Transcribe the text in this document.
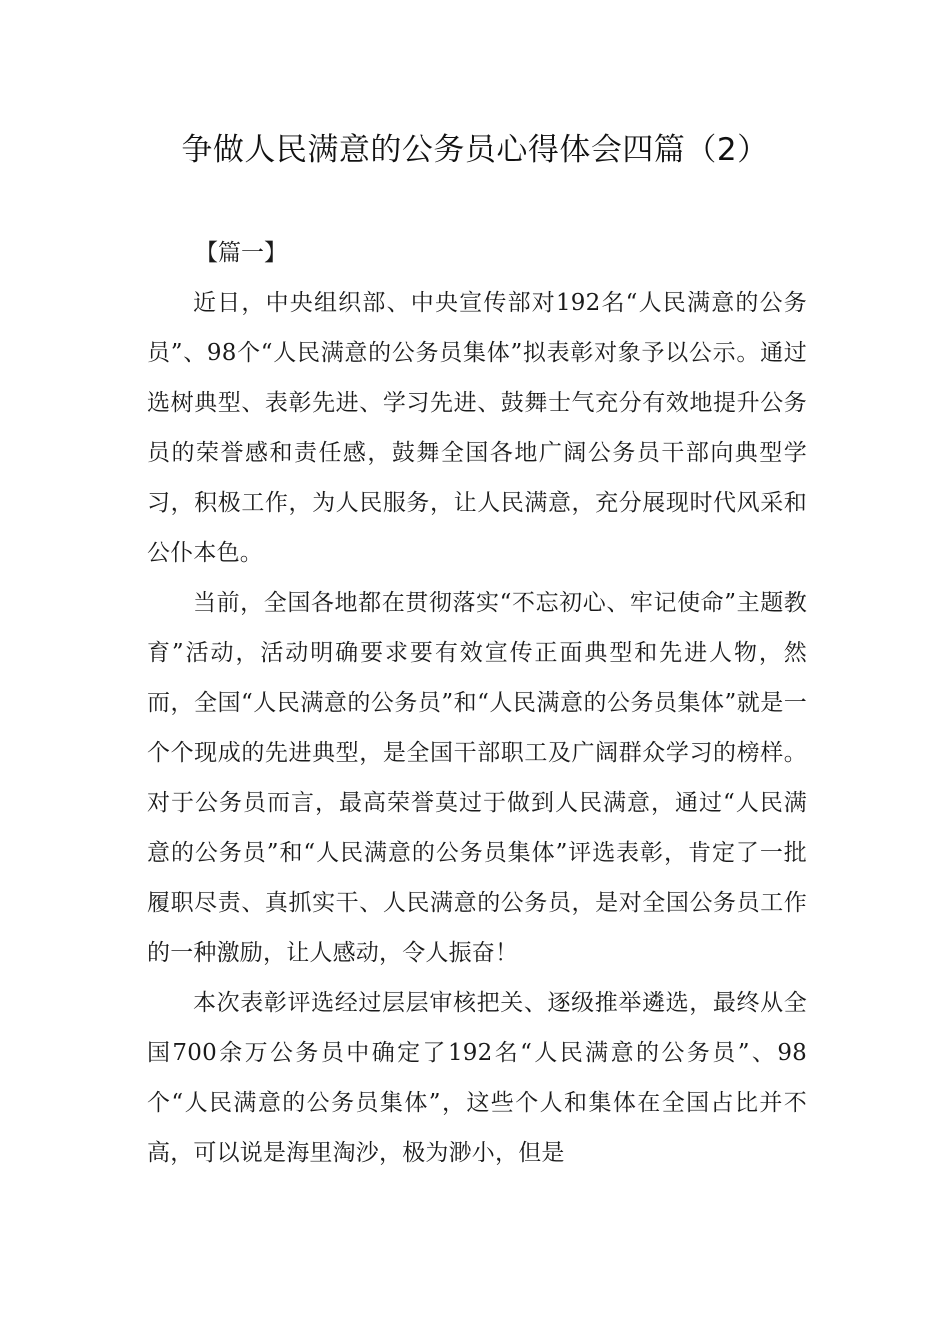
争做人民满意的公务员心得体会四篇（2）
【篇一】

近日，中央组织部、中央宣传部对192名“人民满意的公务员”、98个“人民满意的公务员集体”拟表彰对象予以公示。通过选树典型、表彰先进、学习先进、鼓舞士气充分有效地提升公务员的荣誉感和责任感，鼓舞全国各地广阔公务员干部向典型学习，积极工作，为人民服务，让人民满意，充分展现时代风采和公仆本色。

当前，全国各地都在贯彻落实“不忘初心、牢记使命”主题教育”活动，活动明确要求要有效宣传正面典型和先进人物，然而，全国“人民满意的公务员”和“人民满意的公务员集体”就是一个个现成的先进典型，是全国干部职工及广阔群众学习的榜样。对于公务员而言，最高荣誉莫过于做到人民满意，通过“人民满意的公务员”和“人民满意的公务员集体”评选表彰，肯定了一批履职尽责、真抓实干、人民满意的公务员，是对全国公务员工作的一种激励，让人感动，令人振奋！

本次表彰评选经过层层审核把关、逐级推举遴选，最终从全国700余万公务员中确定了192名“人民满意的公务员”、98个“人民满意的公务员集体”，这些个人和集体在全国占比并不高，可以说是海里淘沙，极为渺小，但是
